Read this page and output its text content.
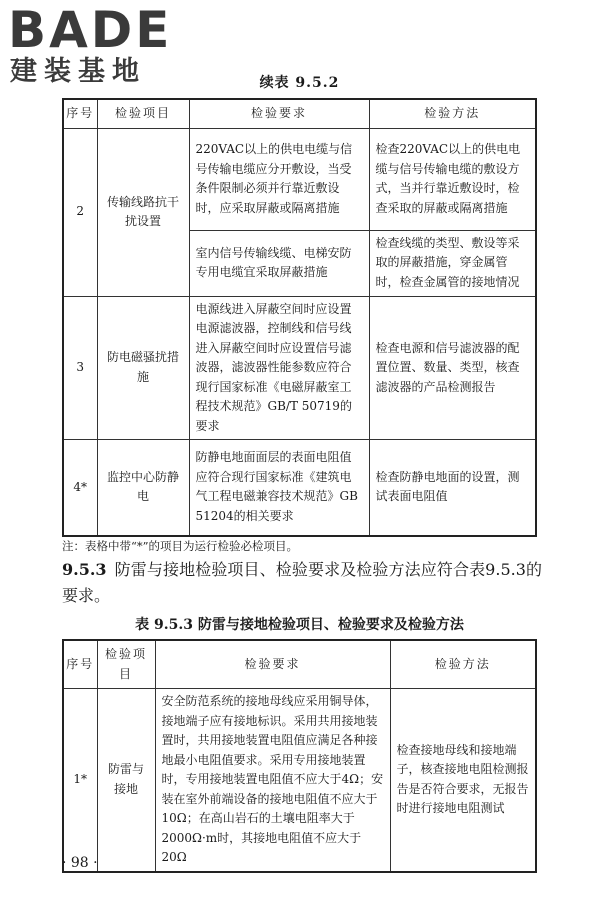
BADE
建装基地	续表 9.5.2
序号	检验项目	检验要求	检验方法
2	传输线路抗干扰设置	220VAC以上的供电电缆与信号传输电缆应分开敷设，当受条件限制必须并行靠近敷设时，应采取屏蔽或隔离措施	检查220VAC以上的供电电缆与信号传输电缆的敷设方式，当并行靠近敷设时，检查采取的屏蔽或隔离措施
		室内信号传输线缆、电梯安防专用电缆宜采取屏蔽措施	检查线缆的类型、敷设等采取的屏蔽措施，穿金属管时，检查金属管的接地情况
3	防电磁骚扰措施	电源线进入屏蔽空间时应设置电源滤波器，控制线和信号线进入屏蔽空间时应设置信号滤波器，滤波器性能参数应符合现行国家标准《电磁屏蔽室工程技术规范》GB/T 50719的要求	检查电源和信号滤波器的配置位置、数量、类型，核查滤波器的产品检测报告
4*	监控中心防静电	防静电地面面层的表面电阻值应符合现行国家标准《建筑电气工程电磁兼容技术规范》GB 51204的相关要求	检查防静电地面的设置，测试表面电阻值
注：表格中带“*”的项目为运行检验必检项目。
9.5.3 防雷与接地检验项目、检验要求及检验方法应符合表9.5.3的要求。
表 9.5.3 防雷与接地检验项目、检验要求及检验方法
序号	检验项目	检验要求	检验方法
1*	防雷与接地	安全防范系统的接地母线应采用铜导体，接地端子应有接地标识。采用共用接地装置时，共用接地装置电阻值应满足各种接地最小电阻值要求。采用专用接地装置时，专用接地装置电阻值不应大于4Ω；安装在室外前端设备的接地电阻值不应大于10Ω；在高山岩石的土壤电阻率大于2000Ω·m时，其接地电阻值不应大于20Ω	检查接地母线和接地端子，核查接地电阻检测报告是否符合要求，无报告时进行接地电阻测试
· 98 ·
